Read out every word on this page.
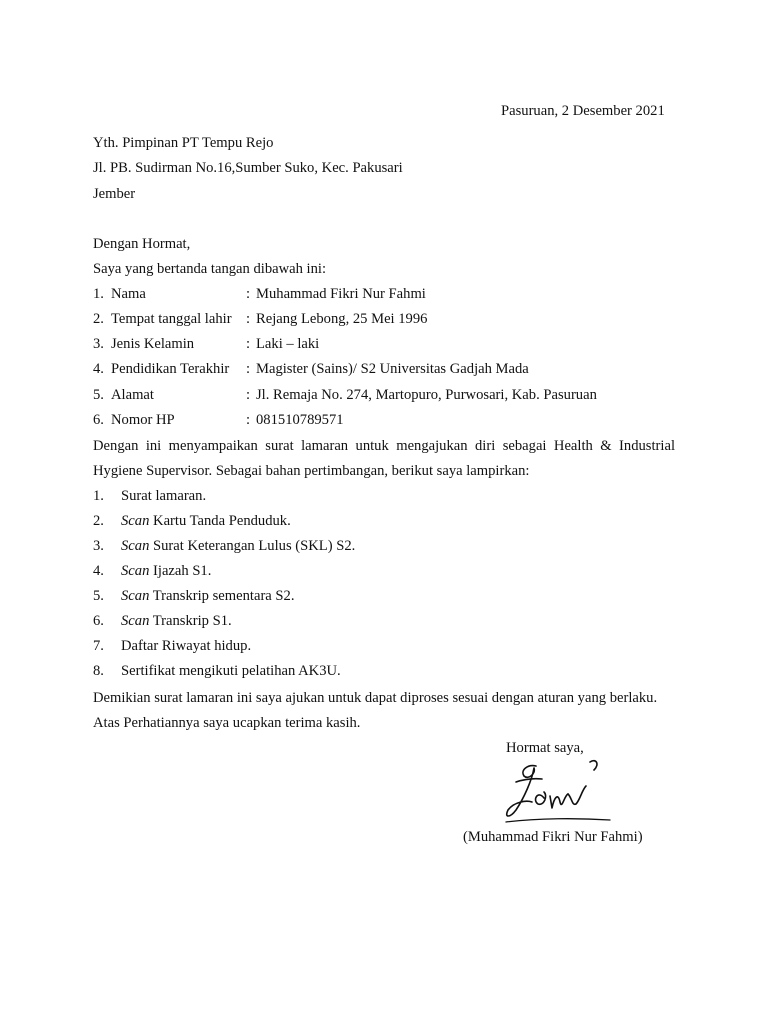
Pasuruan, 2 Desember 2021
Yth. Pimpinan PT Tempu Rejo
Jl. PB. Sudirman No.16,Sumber Suko, Kec. Pakusari
Jember
Dengan Hormat,
Saya yang bertanda tangan dibawah ini:
1. Nama	: Muhammad Fikri Nur Fahmi
2. Tempat tanggal lahir : Rejang Lebong, 25 Mei 1996
3. Jenis Kelamin	: Laki – laki
4. Pendidikan Terakhir : Magister (Sains)/ S2 Universitas Gadjah Mada
5. Alamat	: Jl. Remaja No. 274, Martopuro, Purwosari, Kab. Pasuruan
6. Nomor HP	: 081510789571
Dengan ini menyampaikan surat lamaran untuk mengajukan diri sebagai Health & Industrial
Hygiene Supervisor. Sebagai bahan pertimbangan, berikut saya lampirkan:
1. Surat lamaran.
2. Scan Kartu Tanda Penduduk.
3. Scan Surat Keterangan Lulus (SKL) S2.
4. Scan Ijazah S1.
5. Scan Transkrip sementara S2.
6. Scan Transkrip S1.
7. Daftar Riwayat hidup.
8. Sertifikat mengikuti pelatihan AK3U.
Demikian surat lamaran ini saya ajukan untuk dapat diproses sesuai dengan aturan yang berlaku.
Atas Perhatiannya saya ucapkan terima kasih.
Hormat saya,
(Muhammad Fikri Nur Fahmi)
